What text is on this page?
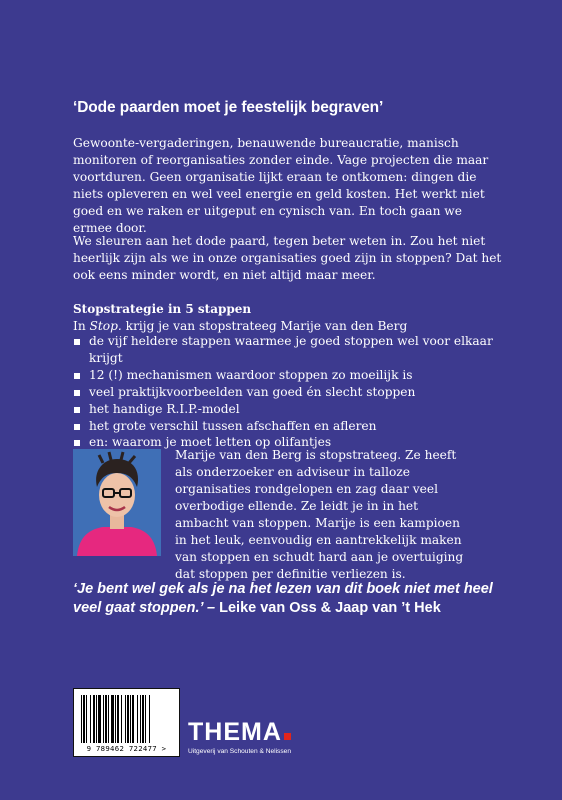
‘Dode paarden moet je feestelijk begraven’

Gewoonte-vergaderingen, benauwende bureaucratie, manisch monitoren of reorganisaties zonder einde. Vage projecten die maar voortduren. Geen organisatie lijkt eraan te ontkomen: dingen die niets opleveren en wel veel energie en geld kosten. Het werkt niet goed en we raken er uitgeput en cynisch van. En toch gaan we ermee door.

We sleuren aan het dode paard, tegen beter weten in. Zou het niet heerlijk zijn als we in onze organisaties goed zijn in stoppen? Dat het ook eens minder wordt, en niet altijd maar meer.

Stopstrategie in 5 stappen

In Stop. krijg je van stopstrateeg Marije van den Berg

de vijf heldere stappen waarmee je goed stoppen wel voor elkaar krijgt
12 (!) mechanismen waardoor stoppen zo moeilijk is
veel praktijkvoorbeelden van goed én slecht stoppen
het handige R.I.P.-model
het grote verschil tussen afschaffen en afleren
en: waarom je moet letten op olifantjes

Marije van den Berg is stopstrateeg. Ze heeft als onderzoeker en adviseur in talloze organisaties rondgelopen en zag daar veel overbodige ellende. Ze leidt je in in het ambacht van stoppen. Marije is een kampioen in het leuk, eenvoudig en aantrekkelijk maken van stoppen en schudt hard aan je overtuiging dat stoppen per definitie verliezen is.

‘Je bent wel gek als je na het lezen van dit boek niet met heel veel gaat stoppen.’ – Leike van Oss & Jaap van ’t Hek

9 789462 722477 >
THEMA

Uitgeverij van Schouten & Nelissen
